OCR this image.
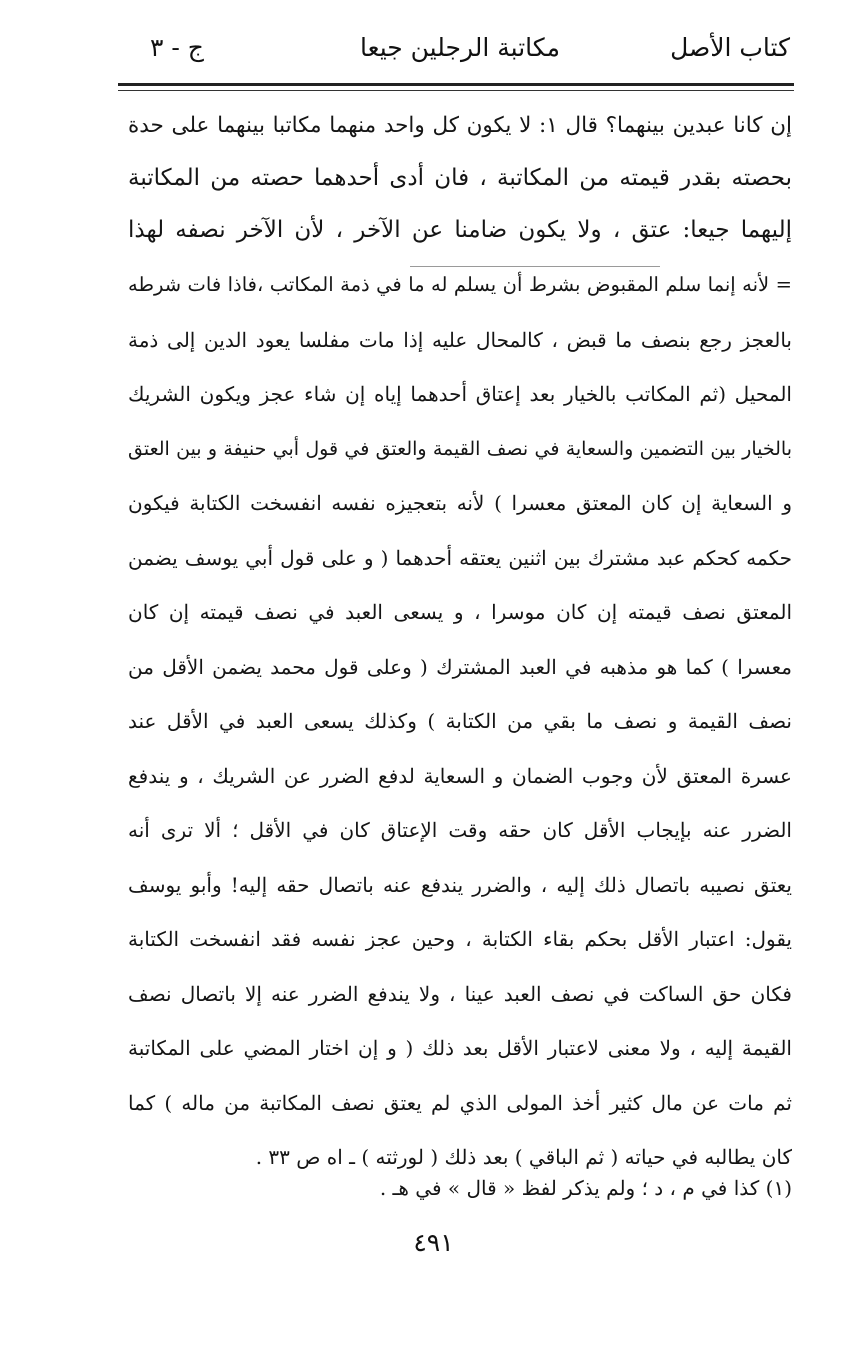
كتاب الأصل
مكاتبة الرجلين جيعا
ج - ٣
إن كانا عبدين بينهما؟ قال ١: لا يكون كل واحد منهما مكاتبا بينهما على حدة
بحصته بقدر قيمته من المكاتبة ، فان أدى أحدهما حصته من المكاتبة
إليهما جيعا: عتق ، ولا يكون ضامنا عن الآخر ، لأن الآخر نصفه لهذا
= لأنه إنما سلم المقبوض بشرط أن يسلم له ما في ذمة المكاتب ،فاذا فات شرطه
بالعجز رجع بنصف ما قبض ، كالمحال عليه إذا مات مفلسا يعود الدين إلى ذمة
المحيل (ثم المكاتب بالخيار بعد إعتاق أحدهما إياه إن شاء عجز ويكون الشريك
بالخيار بين التضمين والسعاية في نصف القيمة والعتق في قول أبي حنيفة و بين العتق
و السعاية إن كان المعتق معسرا ) لأنه بتعجيزه نفسه انفسخت الكتابة فيكون
حكمه كحكم عبد مشترك بين اثنين يعتقه أحدهما ( و على قول أبي يوسف يضمن
المعتق نصف قيمته إن كان موسرا ، و يسعى العبد في نصف قيمته إن كان
معسرا ) كما هو مذهبه في العبد المشترك ( وعلى قول محمد يضمن الأقل من
نصف القيمة و نصف ما بقي من الكتابة ) وكذلك يسعى العبد في الأقل عند
عسرة المعتق لأن وجوب الضمان و السعاية لدفع الضرر عن الشريك ، و يندفع
الضرر عنه بإيجاب الأقل كان حقه وقت الإعتاق كان في الأقل ؛ ألا ترى أنه
يعتق نصيبه باتصال ذلك إليه ، والضرر يندفع عنه باتصال حقه إليه! وأبو يوسف
يقول: اعتبار الأقل بحكم بقاء الكتابة ، وحين عجز نفسه فقد انفسخت الكتابة
فكان حق الساكت في نصف العبد عينا ، ولا يندفع الضرر عنه إلا باتصال نصف
القيمة إليه ، ولا معنى لاعتبار الأقل بعد ذلك ( و إن اختار المضي على المكاتبة
ثم مات عن مال كثير أخذ المولى الذي لم يعتق نصف المكاتبة من ماله ) كما
كان يطالبه في حياته ( ثم الباقي ) بعد ذلك ( لورثته ) ـ اه ص ٣٣ .
(١) كذا في م ، د ؛ ولم يذكر لفظ « قال » في هـ .
٤٩١
